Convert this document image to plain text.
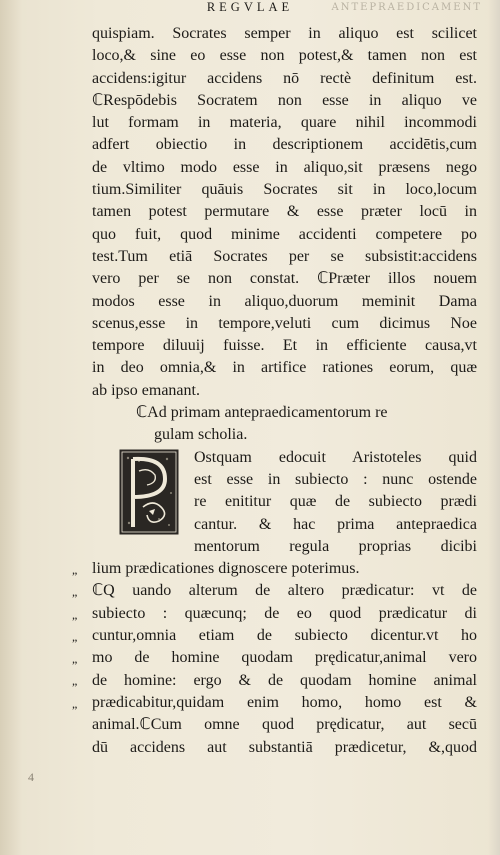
ANTEPRAEDICAMENT
REGVLAE
quispiam. Socrates semper in aliquo est scilicet
loco,& sine eo esse non potest,& tamen non est
accidens:igitur accidens nō rectè definitum est.
ℂRespōdebis Socratem non esse in aliquo ve
lut formam in materia, quare nihil incommodi
adfert obiectio in descriptionem accidētis,cum
de vltimo modo esse in aliquo,sit præsens nego
tium.Similiter quāuis Socrates sit in loco,locum
tamen potest permutare & esse præter locū in
quo fuit, quod minime accidenti competere po
test.Tum etiā Socrates per se subsistit:accidens
vero per se non constat. ℂPræter illos nouem
modos esse in aliquo,duorum meminit Dama
scenus,esse in tempore,veluti cum dicimus Noe
tempore diluuij fuisse. Et in efficiente causa,vt
in deo omnia,& in artifice rationes eorum, quæ
ab ipso emanant.
ℂAd primam antepraedicamentorum re
gulam scholia.
Ostquam edocuit Aristoteles quid
est esse in subiecto : nunc ostende
re enititur quæ de subiecto prædi
cantur. & hac prima antepraedica
mentorum regula proprias dicibi
lium prædicationes dignoscere poterimus.
ℂQ uando alterum de altero prædicatur: vt de
subiecto : quæcunq; de eo quod prædicatur di
cuntur,omnia etiam de subiecto dicentur.vt ho
mo de homine quodam prędicatur,animal vero
de homine: ergo & de quodam homine animal
prædicabitur,quidam enim homo, homo est &
animal.ℂCum omne quod prędicatur, aut secū
dū accidens aut substantiā prædicetur, &,quod
”
”
”
”
”
”
”
4
